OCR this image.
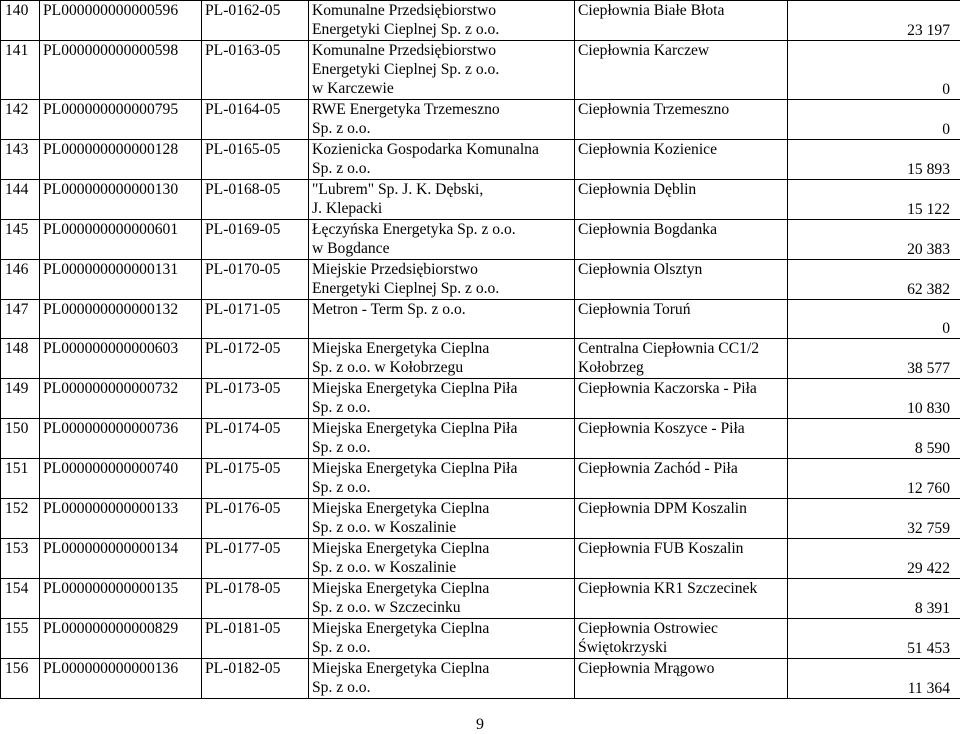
140	PL000000000000596	PL-0162-05	Komunalne Przedsiębiorstwo
Energetyki Cieplnej Sp. z o.o.	Ciepłownia Białe Błota	23 197
141	PL000000000000598	PL-0163-05	Komunalne Przedsiębiorstwo
Energetyki Cieplnej Sp. z o.o.
w Karczewie	Ciepłownia Karczew	0
142	PL000000000000795	PL-0164-05	RWE Energetyka Trzemeszno
Sp. z o.o.	Ciepłownia Trzemeszno	0
143	PL000000000000128	PL-0165-05	Kozienicka Gospodarka Komunalna
Sp. z o.o.	Ciepłownia Kozienice	15 893
144	PL000000000000130	PL-0168-05	"Lubrem" Sp. J. K. Dębski,
J. Klepacki	Ciepłownia Dęblin	15 122
145	PL000000000000601	PL-0169-05	Łęczyńska Energetyka Sp. z o.o.
w Bogdance	Ciepłownia Bogdanka	20 383
146	PL000000000000131	PL-0170-05	Miejskie Przedsiębiorstwo
Energetyki Cieplnej Sp. z o.o.	Ciepłownia Olsztyn	62 382
147	PL000000000000132	PL-0171-05	Metron - Term Sp. z o.o.	Ciepłownia Toruń	0
148	PL000000000000603	PL-0172-05	Miejska Energetyka Cieplna
Sp. z o.o. w Kołobrzegu	Centralna Ciepłownia CC1/2
Kołobrzeg	38 577
149	PL000000000000732	PL-0173-05	Miejska Energetyka Cieplna Piła
Sp. z o.o.	Ciepłownia Kaczorska - Piła	10 830
150	PL000000000000736	PL-0174-05	Miejska Energetyka Cieplna Piła
Sp. z o.o.	Ciepłownia Koszyce - Piła	8 590
151	PL000000000000740	PL-0175-05	Miejska Energetyka Cieplna Piła
Sp. z o.o.	Ciepłownia Zachód - Piła	12 760
152	PL000000000000133	PL-0176-05	Miejska Energetyka Cieplna
Sp. z o.o. w Koszalinie	Ciepłownia DPM Koszalin	32 759
153	PL000000000000134	PL-0177-05	Miejska Energetyka Cieplna
Sp. z o.o. w Koszalinie	Ciepłownia FUB Koszalin	29 422
154	PL000000000000135	PL-0178-05	Miejska Energetyka Cieplna
Sp. z o.o. w Szczecinku	Ciepłownia KR1 Szczecinek	8 391
155	PL000000000000829	PL-0181-05	Miejska Energetyka Cieplna
Sp. z o.o.	Ciepłownia Ostrowiec
Świętokrzyski	51 453
156	PL000000000000136	PL-0182-05	Miejska Energetyka Cieplna
Sp. z o.o.	Ciepłownia Mrągowo	11 364
9
